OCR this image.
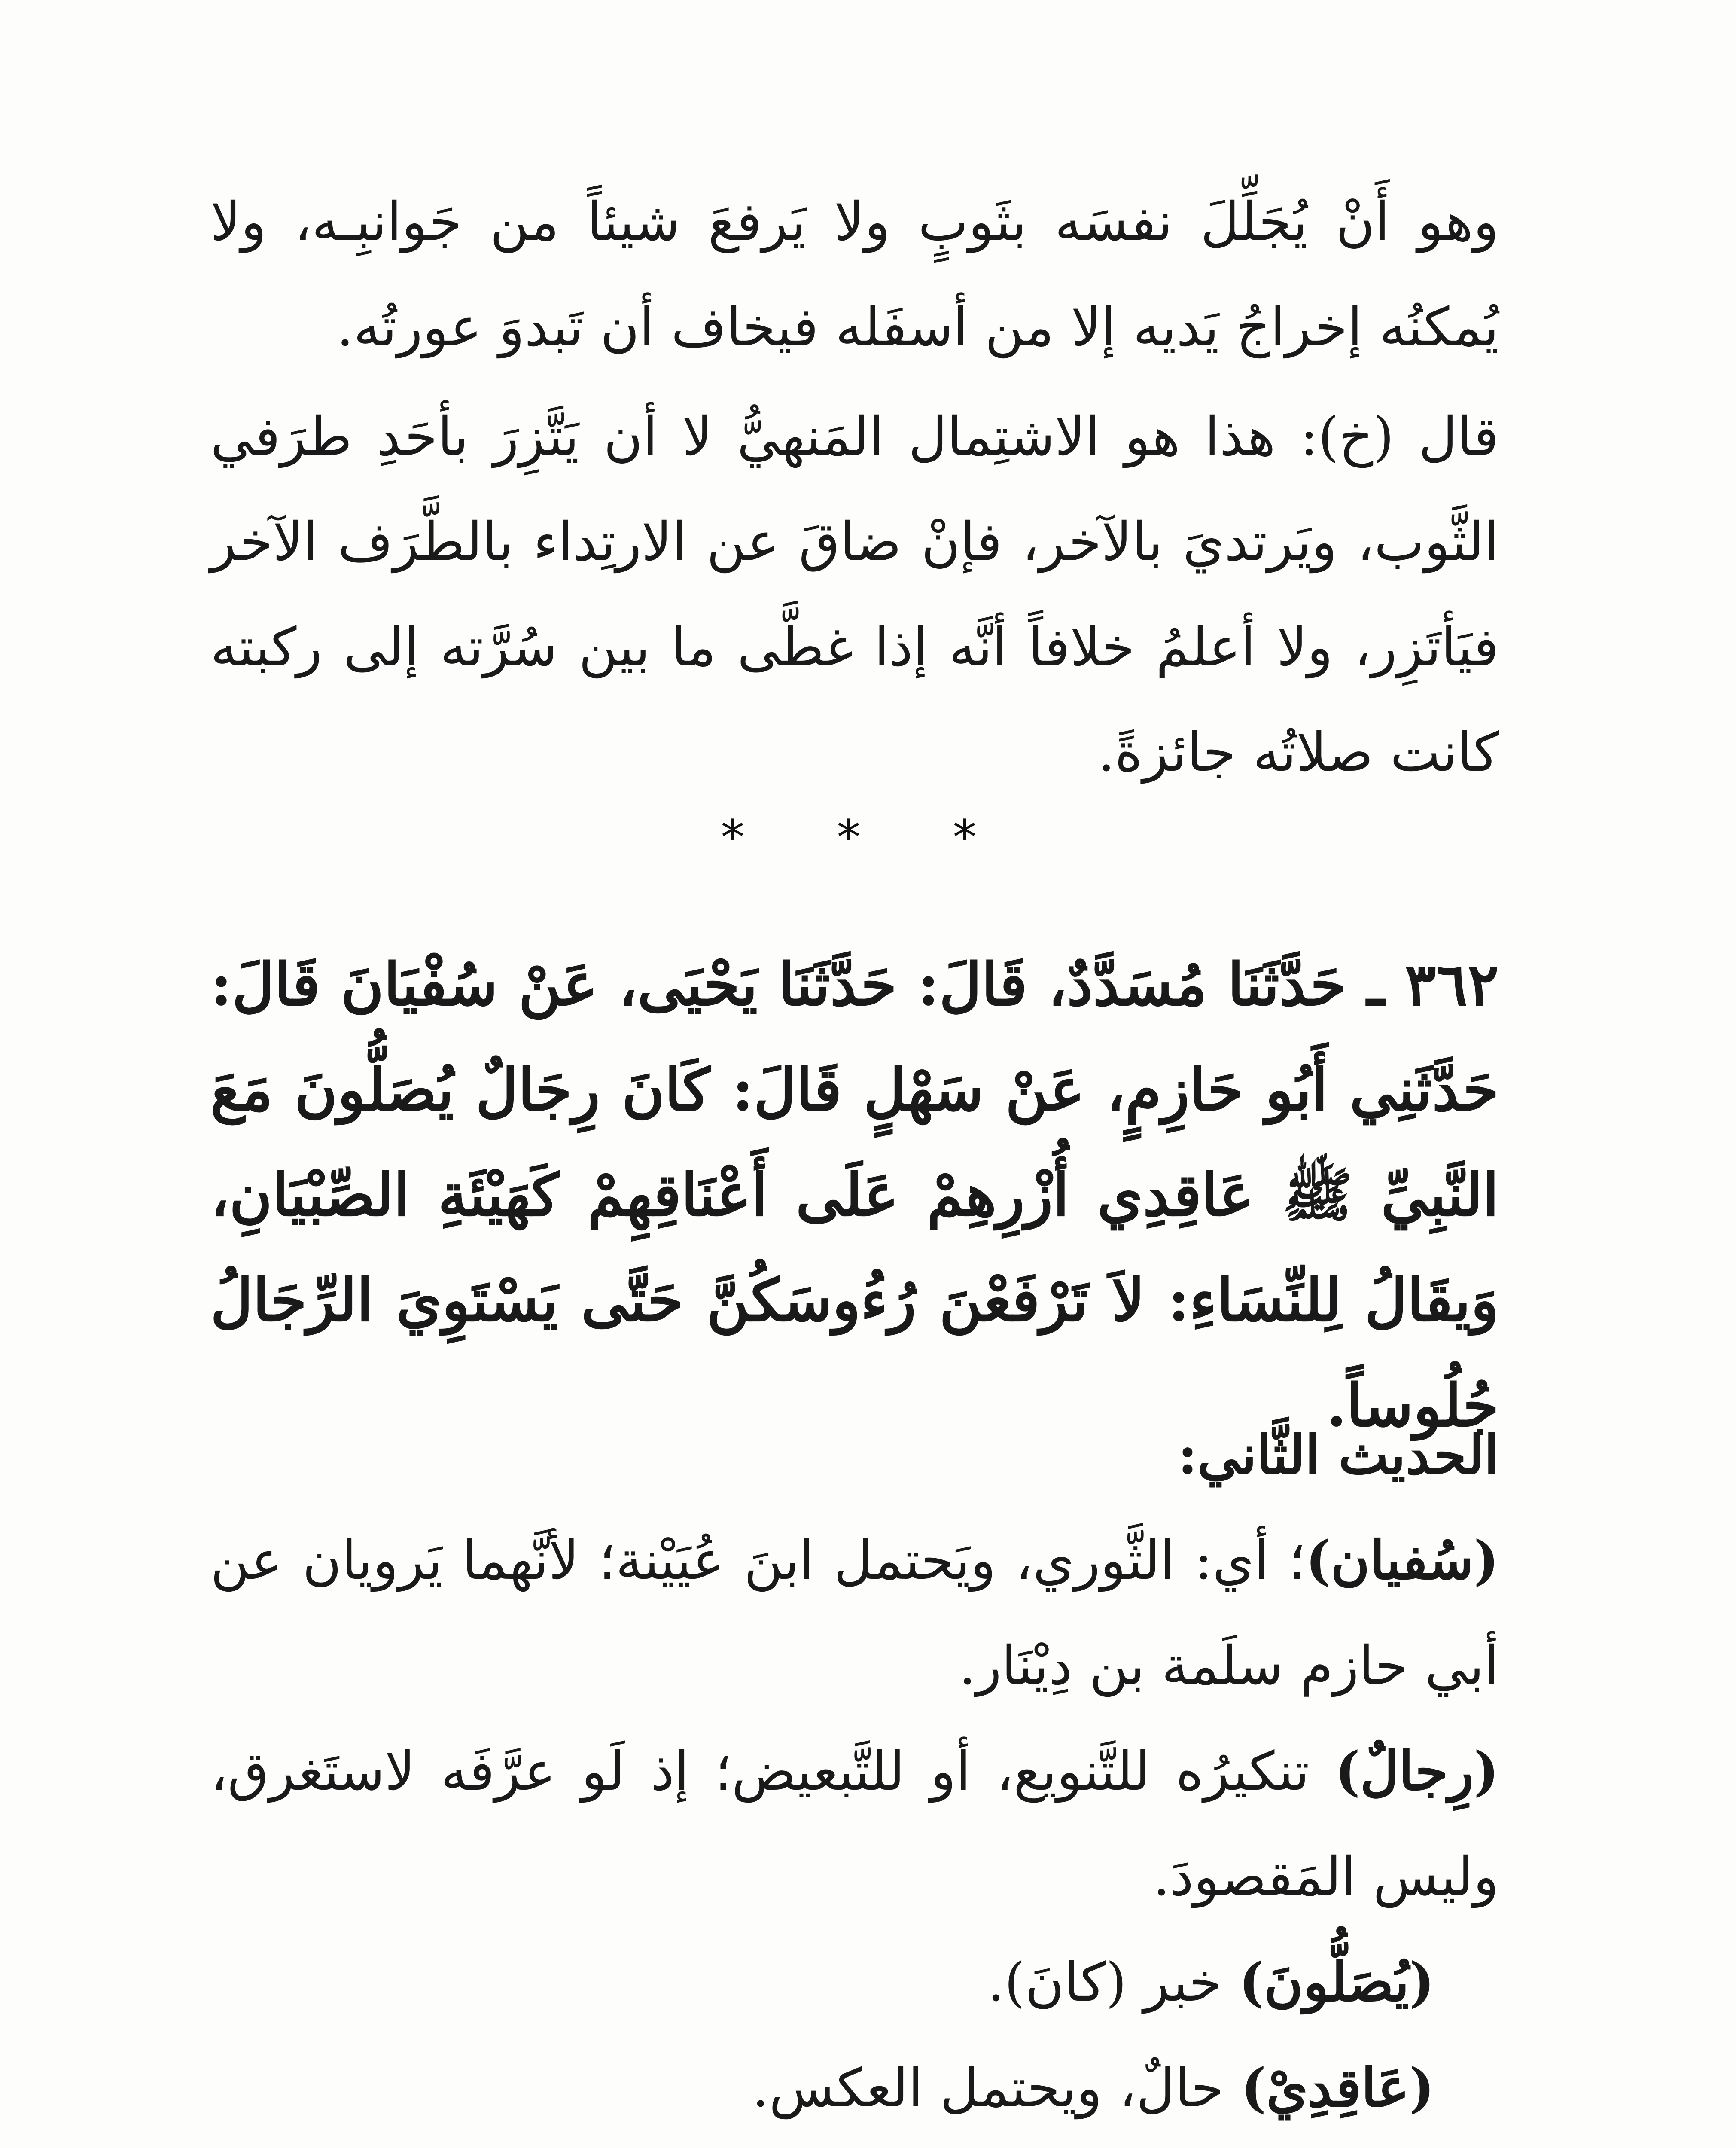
وهو أَنْ يُجَلِّلَ نفسَه بثَوبٍ ولا يَرفعَ شيئاً من جَوانبِـه، ولا يُمكنُه إخراجُ يَديه إلا من أسفَله فيخاف أن تَبدوَ عورتُه.

قال (خ): هذا هو الاشتِمال المَنهيُّ لا أن يَتَّزِرَ بأحَدِ طرَفي الثَّوب، ويَرتديَ بالآخر، فإنْ ضاقَ عن الارتِداء بالطَّرَف الآخر فيَأتَزِر، ولا أعلمُ خلافاً أنَّه إذا غطَّى ما بين سُرَّته إلى ركبته كانت صلاتُه جائزةً.

* * *

٣٦٢ ـ حَدَّثَنَا مُسَدَّدٌ، قَالَ: حَدَّثَنَا يَحْيَى، عَنْ سُفْيَانَ قَالَ: حَدَّثَنِي أَبُو حَازِمٍ، عَنْ سَهْلٍ قَالَ: كَانَ رِجَالٌ يُصَلُّونَ مَعَ النَّبِيِّ ﷺ عَاقِدِي أُزْرِهِمْ عَلَى أَعْنَاقِهِمْ كَهَيْئَةِ الصِّبْيَانِ، وَيقَالُ لِلنِّسَاءِ: لاَ تَرْفَعْنَ رُءُوسَكُنَّ حَتَّى يَسْتَوِيَ الرِّجَالُ جُلُوساً.

الحديث الثَّاني:

(سُفيان)؛ أي: الثَّوري، ويَحتمل ابنَ عُيَيْنة؛ لأنَّهما يَرويان عن أبي حازم سلَمة بن دِيْنَار.

(رِجالٌ) تنكيرُه للتَّنويع، أو للتَّبعيض؛ إذ لَو عرَّفَه لاستَغرق، وليس المَقصودَ.

(يُصَلُّونَ) خبر (كانَ).

(عَاقِدِيْ) حالٌ، ويحتمل العكس.
